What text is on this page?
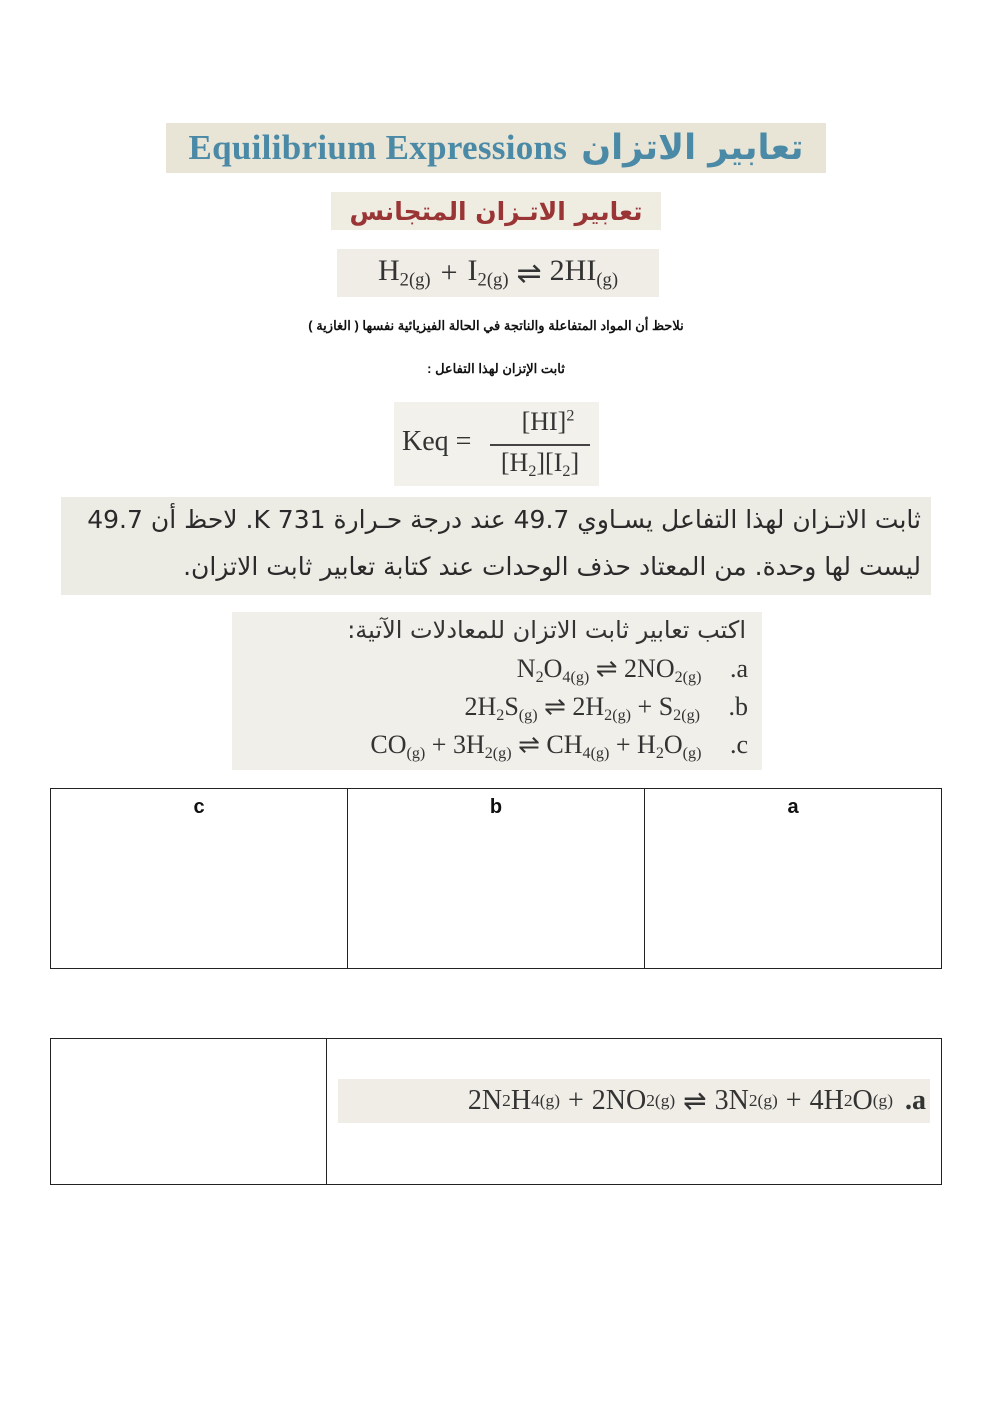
Equilibrium Expressions تعابير الاتزان
تعابير الاتـزان المتجانس
$H_{2(g)} + I_{2(g)}$ ⇌ $2HI_{(g)}$
نلاحظ أن المواد المتفاعلة والناتجة في الحالة الفيزيائية نفسها ( الغازية )
ثابت الإتزان لهذا التفاعل :
Keq =
[HI]$^2$
$[H_2][I_2]$
ثابت الاتـزان لهذا التفاعل يسـاوي 49.7 عند درجة حـرارة K 731. لاحظ أن 49.7
ليست لها وحدة. من المعتاد حذف الوحدات عند كتابة تعابير ثابت الاتزان.
اكتب تعابير ثابت الاتزان للمعادلات الآتية:
$N_2O_{4(g)}$ ⇌ $2NO_{2(g)}$ .a
$2H_2S_{(g)}$ ⇌ $2H_{2(g)} + S_{2(g)}$ .b
$CO_{(g)} + 3H_{2(g)}$ ⇌ $CH_{4(g)} + H_2O_{(g)}$ .c
c	b	a

2N 2 H 4(g) + 2NO 2(g) ⇌ 3N 2(g) + 4H 2 O (g) .a
